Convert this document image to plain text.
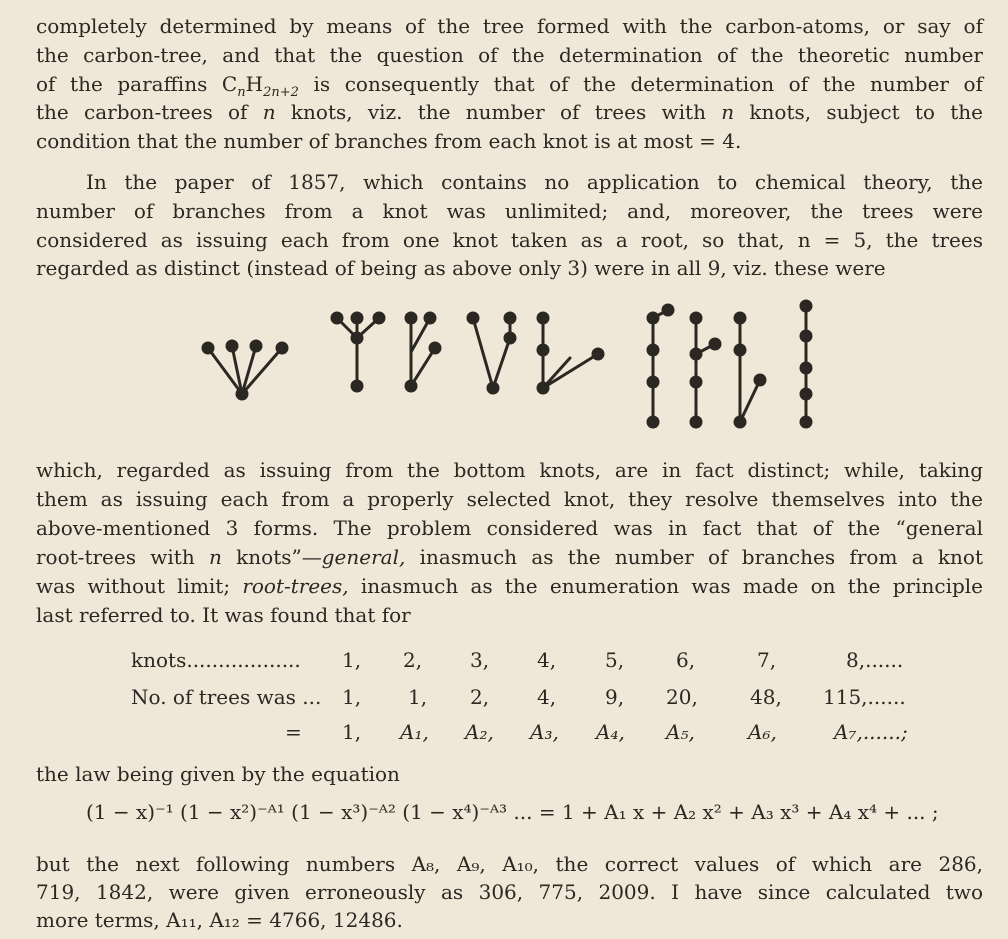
completely determined by means of the tree formed with the carbon-atoms, or say of

the carbon-tree, and that the question of the determination of the theoretic number

of the paraffins $C_nH_{2n+2}$ is consequently that of the determination of the number of

the carbon-trees of n knots, viz. the number of trees with n knots, subject to the

condition that the number of branches from each knot is at most = 4.

In the paper of 1857, which contains no application to chemical theory, the

number of branches from a knot was unlimited; and, moreover, the trees were

considered as issuing each from one knot taken as a root, so that, n = 5, the trees

regarded as distinct (instead of being as above only 3) were in all 9, viz. these were

which, regarded as issuing from the bottom knots, are in fact distinct; while, taking

them as issuing each from a properly selected knot, they resolve themselves into the

above-mentioned 3 forms. The problem considered was in fact that of the “general

root-trees with n knots”—general, inasmuch as the number of branches from a knot

was without limit; root-trees, inasmuch as the enumeration was made on the principle

last referred to. It was found that for

knots.................. 1, 2, 3, 4, 5,	6,	7,	8,......
No. of trees was ... 1, 1, 2, 4, 9, 20,	48, 115,......
= 1, A₁, A₂, A₃, A₄, A₅,	A₆,	A₇,......;

the law being given by the equation

(1 − x)⁻¹ (1 − x²)⁻ᴬ¹ (1 − x³)⁻ᴬ² (1 − x⁴)⁻ᴬ³ ... = 1 + A₁ x + A₂ x² + A₃ x³ + A₄ x⁴ + ... ;

but the next following numbers A₈, A₉, A₁₀, the correct values of which are 286,

719, 1842, were given erroneously as 306, 775, 2009. I have since calculated two

more terms, A₁₁, A₁₂ = 4766, 12486.
